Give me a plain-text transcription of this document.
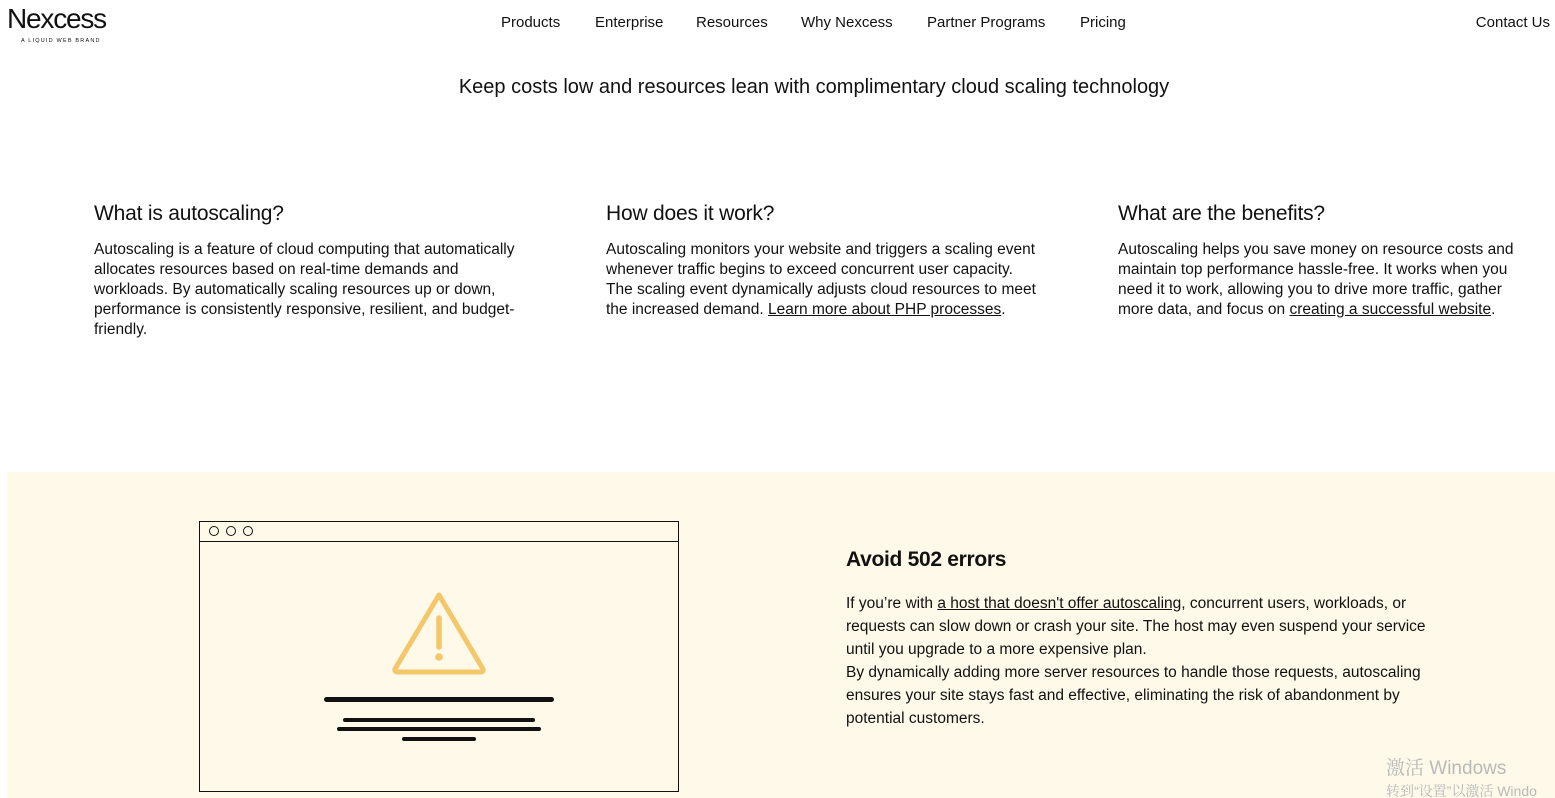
Nexcess
A LIQUID WEB BRAND
Products Enterprise Resources Why Nexcess Partner Programs Pricing	Contact Us
Keep costs low and resources lean with complimentary cloud scaling technology
What is autoscaling?

Autoscaling is a feature of cloud computing that automatically allocates resources based on real-time demands and workloads. By automatically scaling resources up or down, performance is consistently responsive, resilient, and budget-friendly.

How does it work?

Autoscaling monitors your website and triggers a scaling event whenever traffic begins to exceed concurrent user capacity. The scaling event dynamically adjusts cloud resources to meet the increased demand. Learn more about PHP processes.

What are the benefits?

Autoscaling helps you save money on resource costs and maintain top performance hassle-free. It works when you need it to work, allowing you to drive more traffic, gather more data, and focus on creating a successful website.

Avoid 502 errors

If you’re with a host that doesn't offer autoscaling, concurrent users, workloads, or requests can slow down or crash your site. The host may even suspend your service until you upgrade to a more expensive plan.

By dynamically adding more server resources to handle those requests, autoscaling ensures your site stays fast and effective, eliminating the risk of abandonment by potential customers.

激活 Windows
转到“设置”以激活 Windo
